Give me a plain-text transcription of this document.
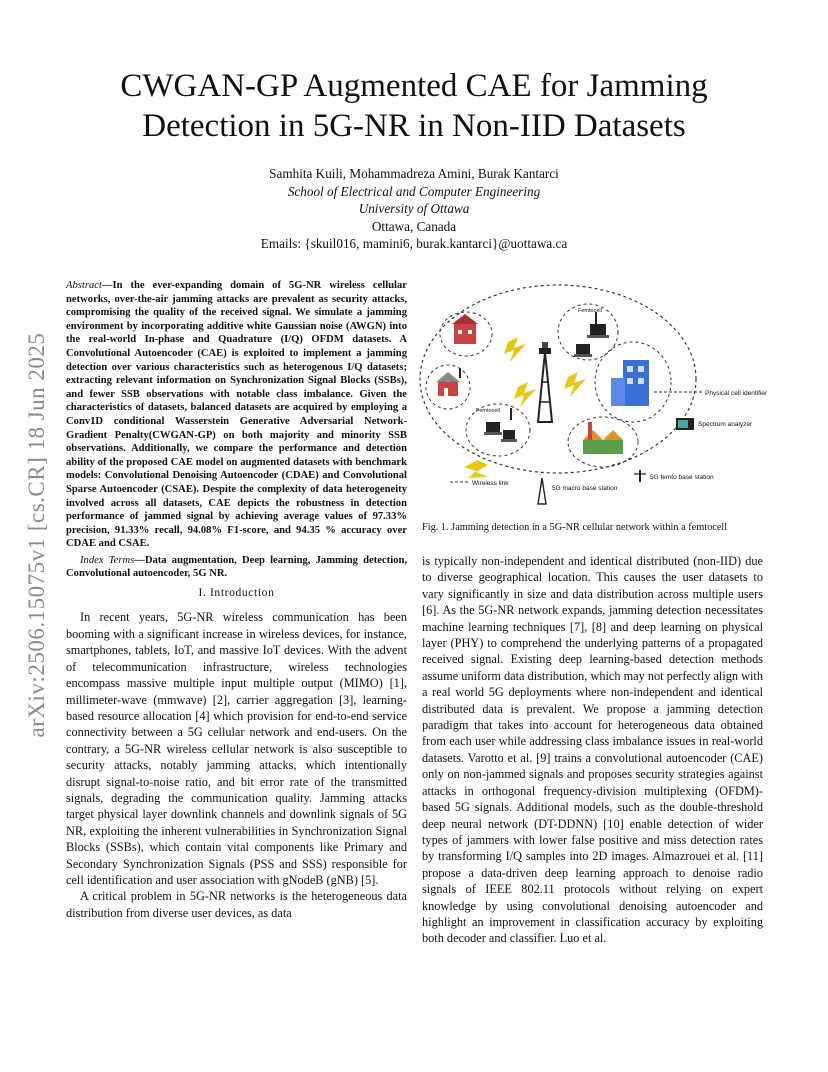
arXiv:2506.15075v1 [cs.CR] 18 Jun 2025
CWGAN-GP Augmented CAE for Jamming
Detection in 5G-NR in Non-IID Datasets
Samhita Kuili, Mohammadreza Amini, Burak Kantarci
School of Electrical and Computer Engineering
University of Ottawa
Ottawa, Canada
Emails: {skuil016, mamini6, burak.kantarci}@uottawa.ca

Abstract—In the ever-expanding domain of 5G-NR wireless cellular networks, over-the-air jamming attacks are prevalent as security attacks, compromising the quality of the received signal. We simulate a jamming environment by incorporating additive white Gaussian noise (AWGN) into the real-world In-phase and Quadrature (I/Q) OFDM datasets. A Convolutional Autoencoder (CAE) is exploited to implement a jamming detection over various characteristics such as heterogenous I/Q datasets; extracting relevant information on Synchronization Signal Blocks (SSBs), and fewer SSB observations with notable class imbalance. Given the characteristics of datasets, balanced datasets are acquired by employing a Conv1D conditional Wasserstein Generative Adversarial Network-Gradient Penalty(CWGAN-GP) on both majority and minority SSB observations. Additionally, we compare the performance and detection ability of the proposed CAE model on augmented datasets with benchmark models: Convolutional Denoising Autoencoder (CDAE) and Convolutional Sparse Autoencoder (CSAE). Despite the complexity of data heterogeneity involved across all datasets, CAE depicts the robustness in detection performance of jammed signal by achieving average values of 97.33% precision, 91.33% recall, 94.08% F1-score, and 94.35 % accuracy over CDAE and CSAE.

Index Terms—Data augmentation, Deep learning, Jamming detection, Convolutional autoencoder, 5G NR.

I. Introduction

In recent years, 5G-NR wireless communication has been booming with a significant increase in wireless devices, for instance, smartphones, tablets, IoT, and massive IoT devices. With the advent of telecommunication infrastructure, wireless technologies encompass massive multiple input multiple output (MIMO) [1], millimeter-wave (mmwave) [2], carrier aggregation [3], learning-based resource allocation [4] which provision for end-to-end service connectivity between a 5G cellular network and end-users. On the contrary, a 5G-NR wireless cellular network is also susceptible to security attacks, notably jamming attacks, which intentionally disrupt signal-to-noise ratio, and bit error rate of the transmitted signals, degrading the communication quality. Jamming attacks target physical layer downlink channels and downlink signals of 5G NR, exploiting the inherent vulnerabilities in Synchronization Signal Blocks (SSBs), which contain vital components like Primary and Secondary Synchronization Signals (PSS and SSS) responsible for cell identification and user association with gNodeB (gNB) [5].

A critical problem in 5G-NR networks is the heterogeneous data distribution from diverse user devices, as data

Physical cell identifier
Spectrum analyzer
5G femto base station
Femtocell
Femtocell
Wireless link
5G macro base station
Fig. 1. Jamming detection in a 5G-NR cellular network within a femtocell

is typically non-independent and identical distributed (non-IID) due to diverse geographical location. This causes the user datasets to vary significantly in size and data distribution across multiple users [6]. As the 5G-NR network expands, jamming detection necessitates machine learning techniques [7], [8] and deep learning on physical layer (PHY) to comprehend the underlying patterns of a propagated received signal. Existing deep learning-based detection methods assume uniform data distribution, which may not perfectly align with a real world 5G deployments where non-independent and identical distributed data is prevalent. We propose a jamming detection paradigm that takes into account for heterogeneous data obtained from each user while addressing class imbalance issues in real-world datasets. Varotto et al. [9] trains a convolutional autoencoder (CAE) only on non-jammed signals and proposes security strategies against attacks in orthogonal frequency-division multiplexing (OFDM)-based 5G signals. Additional models, such as the double-threshold deep neural network (DT-DDNN) [10] enable detection of wider types of jammers with lower false positive and miss detection rates by transforming I/Q samples into 2D images. Almazrouei et al. [11] propose a data-driven deep learning approach to denoise radio signals of IEEE 802.11 protocols without relying on expert knowledge by using convolutional denoising autoencoder and highlight an improvement in classification accuracy by exploiting both decoder and classifier. Luo et al.
